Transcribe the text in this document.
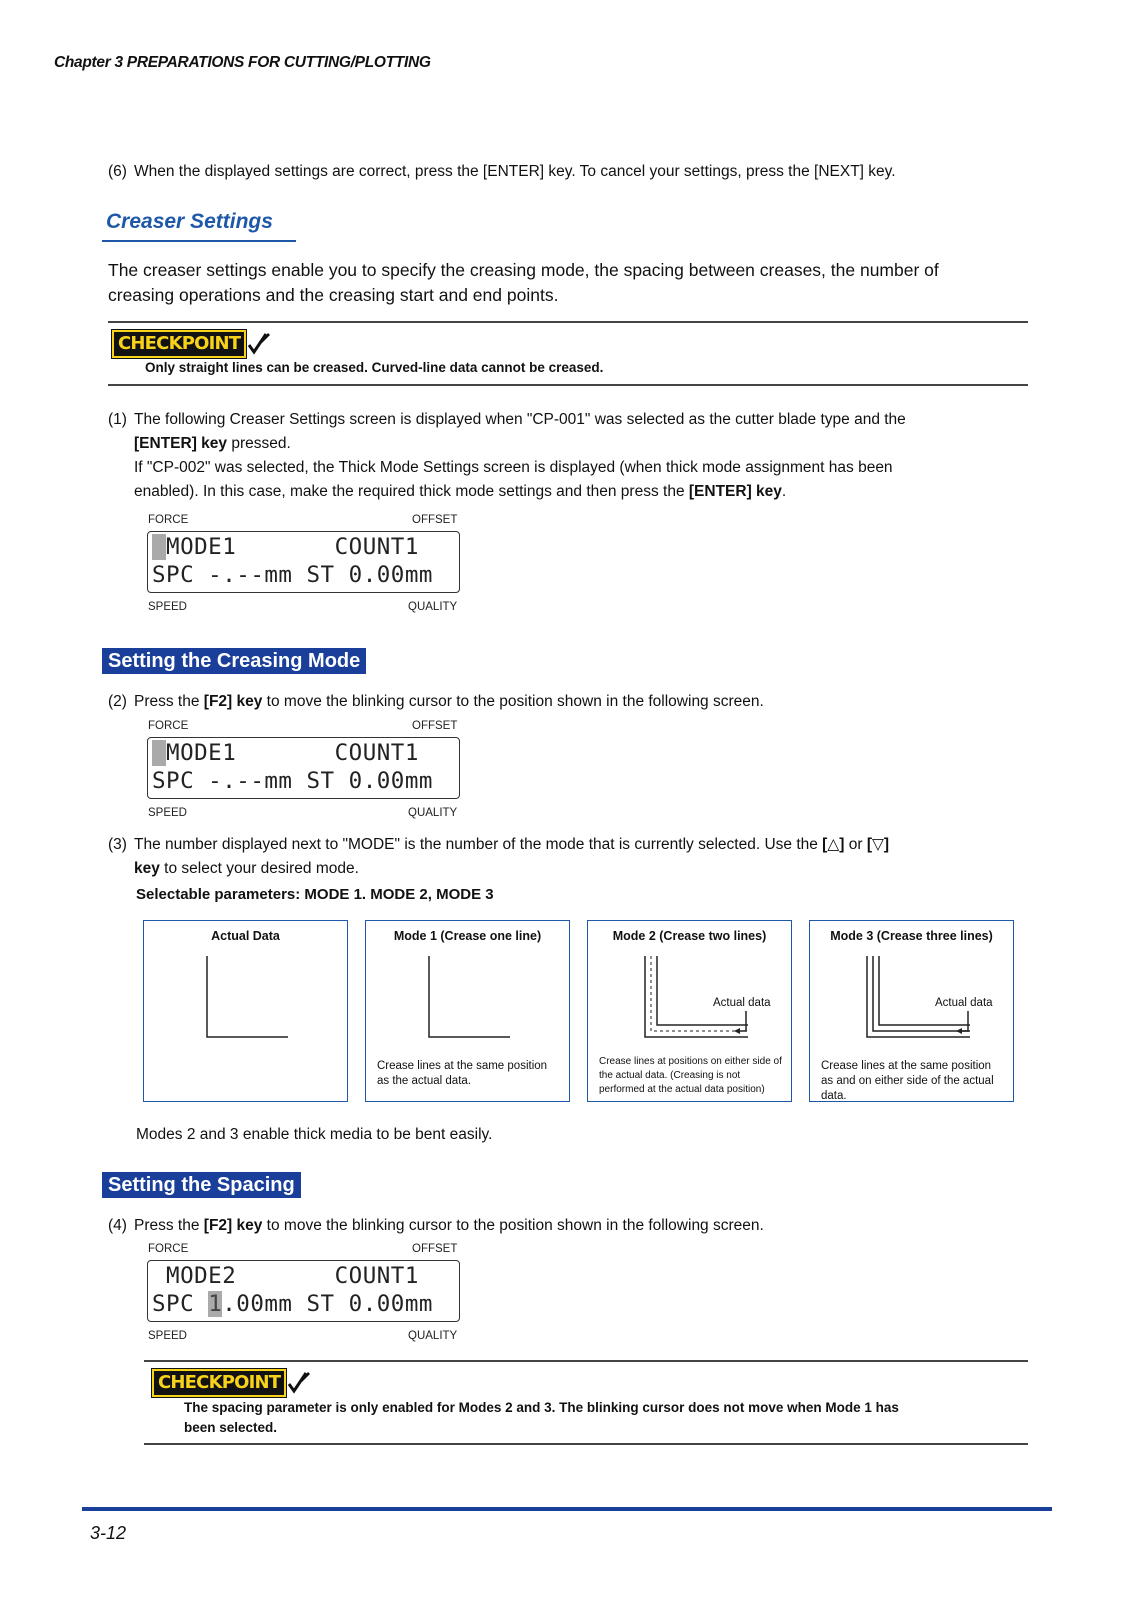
Chapter 3 PREPARATIONS FOR CUTTING/PLOTTING
(6) When the displayed settings are correct, press the [ENTER] key. To cancel your settings, press the [NEXT] key.
Creaser Settings
The creaser settings enable you to specify the creasing mode, the spacing between creases, the number of
creasing operations and the creasing start and end points.
CHECKPOINT
Only straight lines can be creased. Curved-line data cannot be creased.
(1) The following Creaser Settings screen is displayed when "CP-001" was selected as the cutter blade type and the
[ENTER] key pressed.
If "CP-002" was selected, the Thick Mode Settings screen is displayed (when thick mode assignment has been
enabled). In this case, make the required thick mode settings and then press the [ENTER] key.
FORCE	OFFSET
MODE1       COUNT1
SPC -.--mm ST 0.00mm
SPEED	QUALITY
Setting the Creasing Mode
(2) Press the [F2] key to move the blinking cursor to the position shown in the following screen.
FORCE	OFFSET
MODE1       COUNT1
SPC -.--mm ST 0.00mm
SPEED	QUALITY
(3) The number displayed next to "MODE" is the number of the mode that is currently selected. Use the [△] or [▽]
key to select your desired mode.
Selectable parameters: MODE 1. MODE 2, MODE 3
Actual Data	Mode 1 (Crease one line)
Crease lines at the same position as the actual data.
Mode 2 (Crease two lines)
Actual data
Crease lines at positions on either side of the actual data. (Creasing is not performed at the actual data position)
Mode 3 (Crease three lines)
Actual data
Crease lines at the same position as and on either side of the actual data.
Modes 2 and 3 enable thick media to be bent easily.
Setting the Spacing
(4) Press the [F2] key to move the blinking cursor to the position shown in the following screen.
FORCE	OFFSET
MODE2       COUNT1
SPC 1.00mm ST 0.00mm
SPEED	QUALITY
CHECKPOINT
The spacing parameter is only enabled for Modes 2 and 3. The blinking cursor does not move when Mode 1 has
been selected.
3-12
